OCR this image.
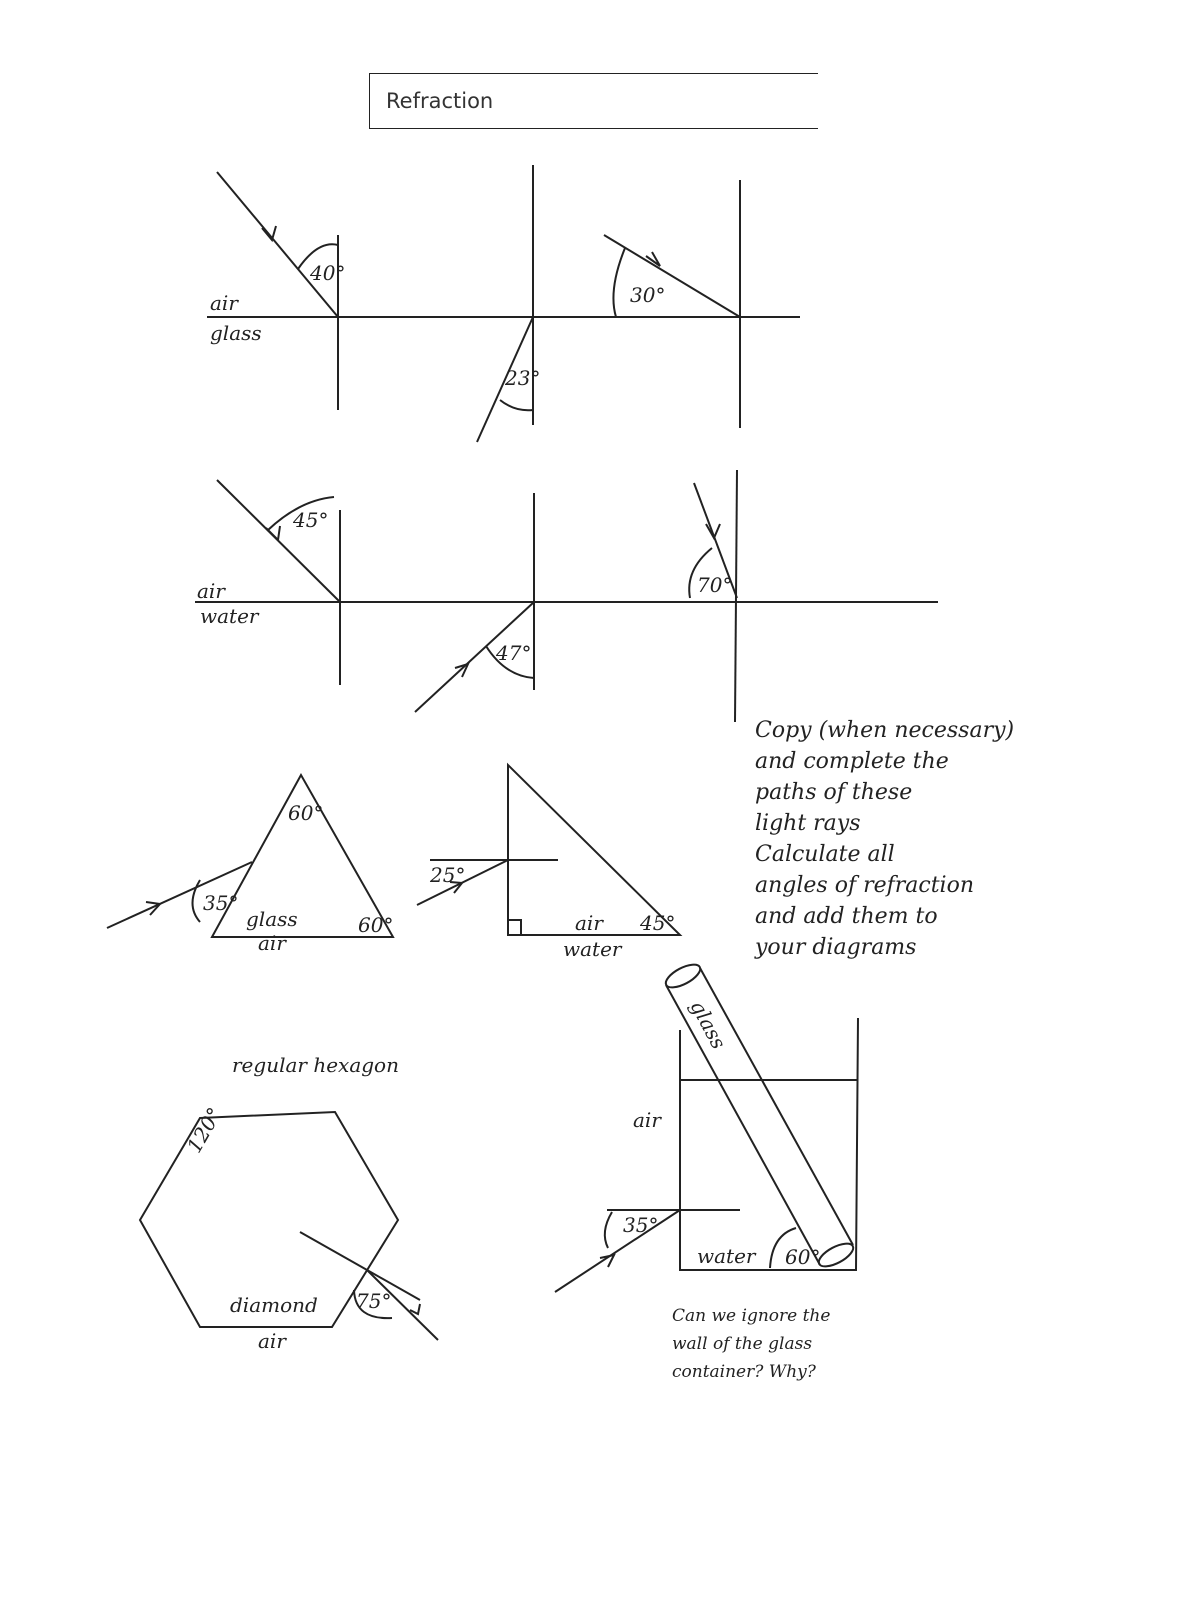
Refraction
40°
air
glass
23°
30°
45°
air
water
47°
70°
35°
60°
glass	60°
air
25°
air 45°
water
regular hexagon
120°
diamond
air
75°
glass
air
35°
water 60°
Copy (when necessary)
and complete the
paths of these
light rays
Calculate all
angles of refraction
and add them to
your diagrams
Can we ignore the
wall of the glass
container? Why?
